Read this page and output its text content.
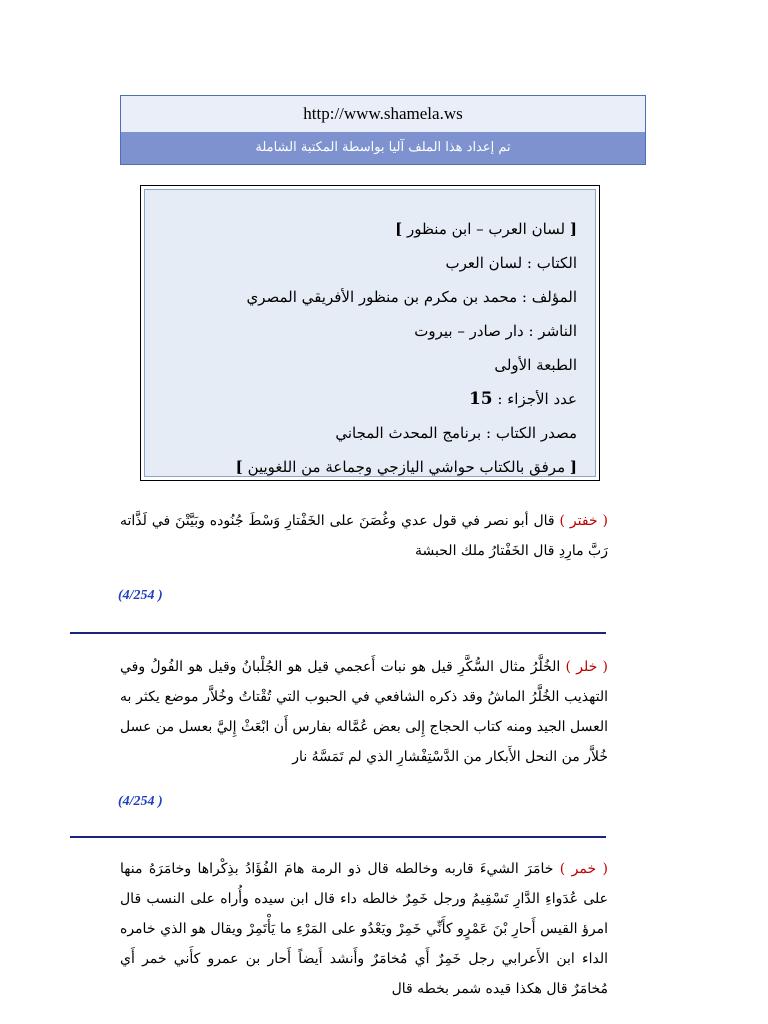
http://www.shamela.ws
تم إعداد هذا الملف آليا بواسطة المكتبة الشاملة
[ لسان العرب – ابن منظور ]
الكتاب : لسان العرب
المؤلف : محمد بن مكرم بن منظور الأفريقي المصري
الناشر : دار صادر – بيروت
الطبعة الأولى
عدد الأجزاء : 15
مصدر الكتاب : برنامج المحدث المجاني
[ مرفق بالكتاب حواشي اليازجي وجماعة من اللغويين ]
( خفتر ) قال أبو نصر في قول عدي وغُصَنَ على الخَفْتارِ وَسْطَ جُنُوده وبَيَّتْنَ في لَذَّاته رَبَّ مارِدِ قال الخَفْتارُ ملك الحبشة
(4/254 )
( خلر ) الخُلَّرُ مثال السُّكَّرِ قيل هو نبات أَعجمي قيل هو الجُلْبانُ وقيل هو الفُولُ وفي التهذيب الخُلَّرُ الماشُ وقد ذكره الشافعي في الحبوب التي تُقْتاتُ وخُلاَّر موضع يكثر به العسل الجيد ومنه كتاب الحجاج إِلى بعض عُمَّاله بفارس أَن ابْعَثْ إِليَّ بعسل من عسل خُلاَّر من النحل الأَبكار من الدَّسْتِفْشارِ الذي لم تَمَسَّهُ نار
(4/254 )
( خمر ) خامَرَ الشيءَ قاربه وخالطه قال ذو الرمة هامَ الفُؤَادُ بذِكْراها وخامَرَهُ منها على عُدَواءِ الدَّارِ تَسْقِيمُ ورجل خَمِرٌ خالطه داء قال ابن سيده وأُراه على النسب قال امرؤ القيس أَحارِ بْنَ عَمْرٍو كأَنِّي خَمِرْ ويَعْدُو على المَرْءِ ما يَأْتَمِرْ ويقال هو الذي خامره الداء ابن الأَعرابي رجل خَمِرٌ أَي مُخامَرٌ وأَنشد أَيضاً أَحار بن عمرو كأَني خمر أَي مُخامَرٌ قال هكذا قيده شمر بخطه قال
